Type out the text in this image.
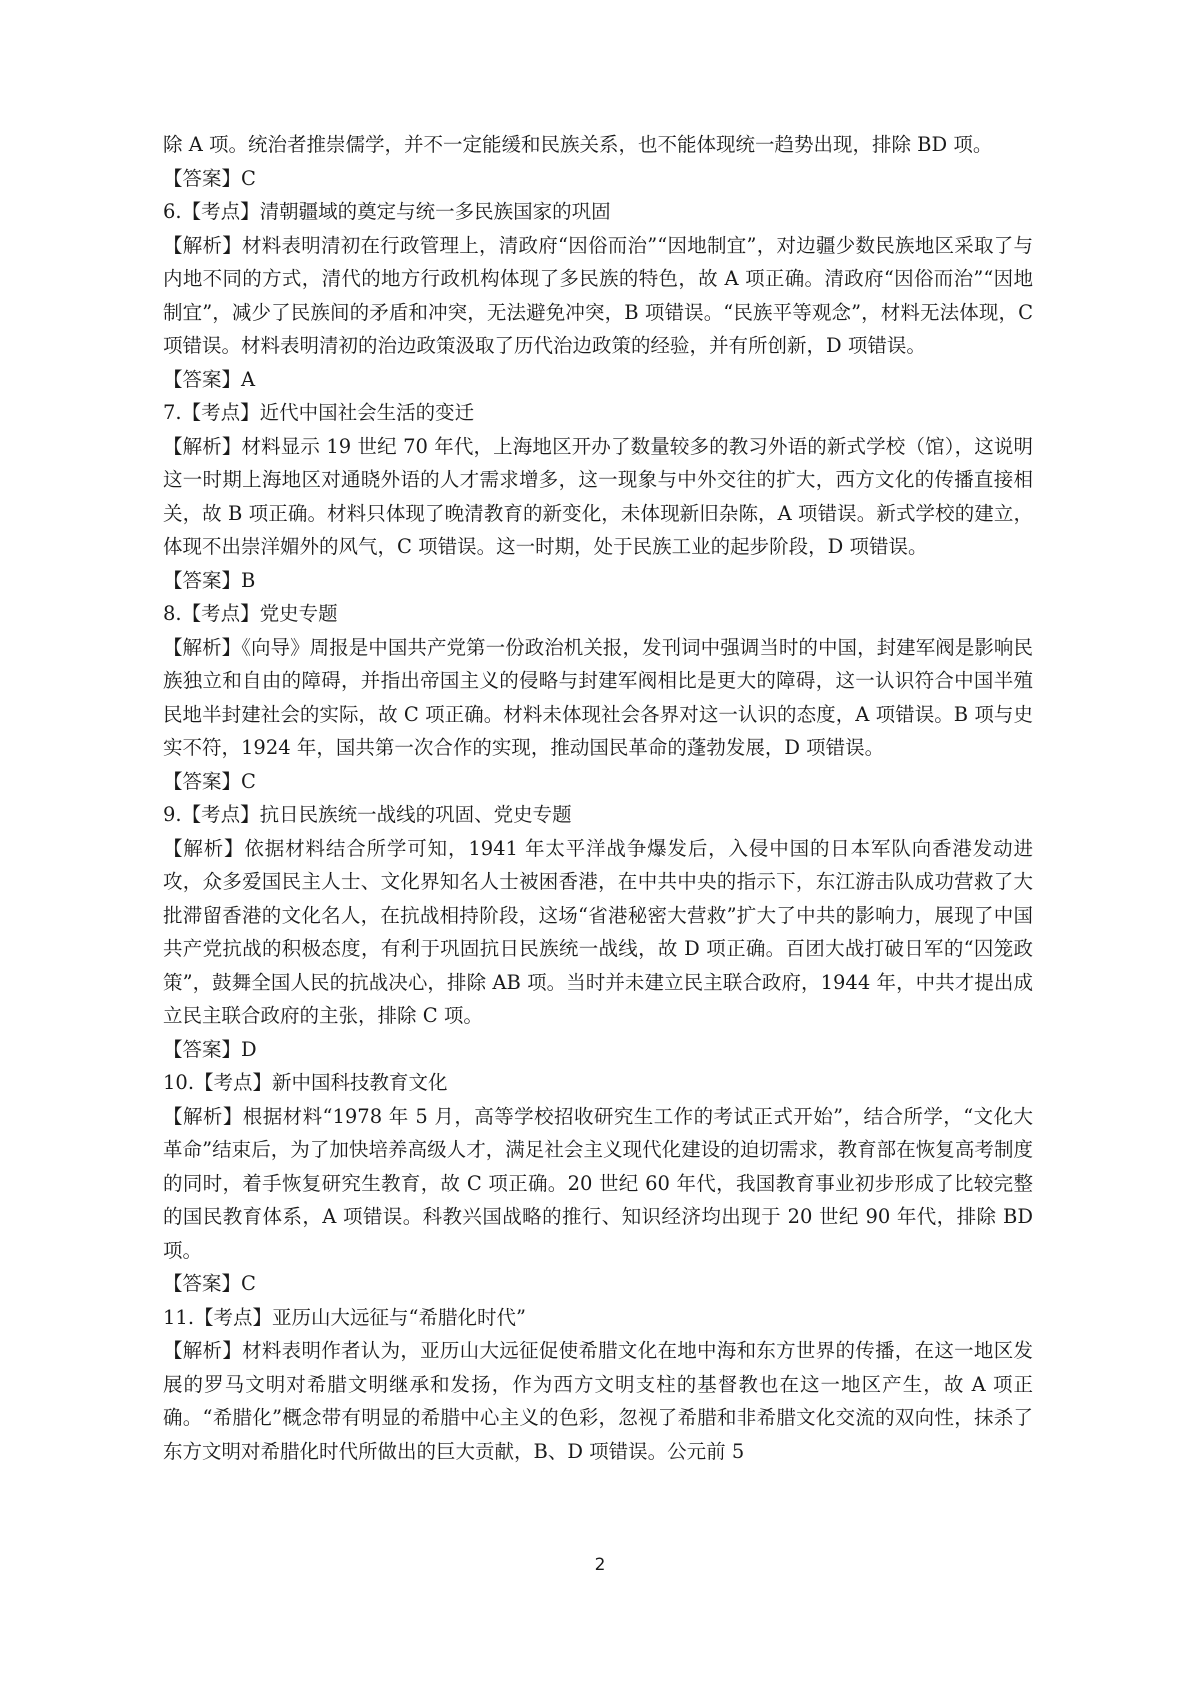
除 A 项。统治者推崇儒学，并不一定能缓和民族关系，也不能体现统一趋势出现，排除 BD 项。

【答案】C

6.【考点】清朝疆域的奠定与统一多民族国家的巩固

【解析】材料表明清初在行政管理上，清政府“因俗而治”“因地制宜”，对边疆少数民族地区采取了与内地不同的方式，清代的地方行政机构体现了多民族的特色，故 A 项正确。清政府“因俗而治”“因地制宜”，减少了民族间的矛盾和冲突，无法避免冲突，B 项错误。“民族平等观念”，材料无法体现，C 项错误。材料表明清初的治边政策汲取了历代治边政策的经验，并有所创新，D 项错误。

【答案】A

7.【考点】近代中国社会生活的变迁

【解析】材料显示 19 世纪 70 年代，上海地区开办了数量较多的教习外语的新式学校（馆），这说明这一时期上海地区对通晓外语的人才需求增多，这一现象与中外交往的扩大，西方文化的传播直接相关，故 B 项正确。材料只体现了晚清教育的新变化，未体现新旧杂陈，A 项错误。新式学校的建立，体现不出崇洋媚外的风气，C 项错误。这一时期，处于民族工业的起步阶段，D 项错误。

【答案】B

8.【考点】党史专题

【解析】《向导》周报是中国共产党第一份政治机关报，发刊词中强调当时的中国，封建军阀是影响民族独立和自由的障碍，并指出帝国主义的侵略与封建军阀相比是更大的障碍，这一认识符合中国半殖民地半封建社会的实际，故 C 项正确。材料未体现社会各界对这一认识的态度，A 项错误。B 项与史实不符，1924 年，国共第一次合作的实现，推动国民革命的蓬勃发展，D 项错误。

【答案】C

9.【考点】抗日民族统一战线的巩固、党史专题

【解析】依据材料结合所学可知，1941 年太平洋战争爆发后，入侵中国的日本军队向香港发动进攻，众多爱国民主人士、文化界知名人士被困香港，在中共中央的指示下，东江游击队成功营救了大批滞留香港的文化名人，在抗战相持阶段，这场“省港秘密大营救”扩大了中共的影响力，展现了中国共产党抗战的积极态度，有利于巩固抗日民族统一战线，故 D 项正确。百团大战打破日军的“囚笼政策”，鼓舞全国人民的抗战决心，排除 AB 项。当时并未建立民主联合政府，1944 年，中共才提出成立民主联合政府的主张，排除 C 项。

【答案】D

10.【考点】新中国科技教育文化

【解析】根据材料“1978 年 5 月，高等学校招收研究生工作的考试正式开始”，结合所学，“文化大革命”结束后，为了加快培养高级人才，满足社会主义现代化建设的迫切需求，教育部在恢复高考制度的同时，着手恢复研究生教育，故 C 项正确。20 世纪 60 年代，我国教育事业初步形成了比较完整的国民教育体系，A 项错误。科教兴国战略的推行、知识经济均出现于 20 世纪 90 年代，排除 BD 项。

【答案】C

11.【考点】亚历山大远征与“希腊化时代”

【解析】材料表明作者认为，亚历山大远征促使希腊文化在地中海和东方世界的传播，在这一地区发展的罗马文明对希腊文明继承和发扬，作为西方文明支柱的基督教也在这一地区产生，故 A 项正确。“希腊化”概念带有明显的希腊中心主义的色彩，忽视了希腊和非希腊文化交流的双向性，抹杀了东方文明对希腊化时代所做出的巨大贡献，B、D 项错误。公元前 5

2
